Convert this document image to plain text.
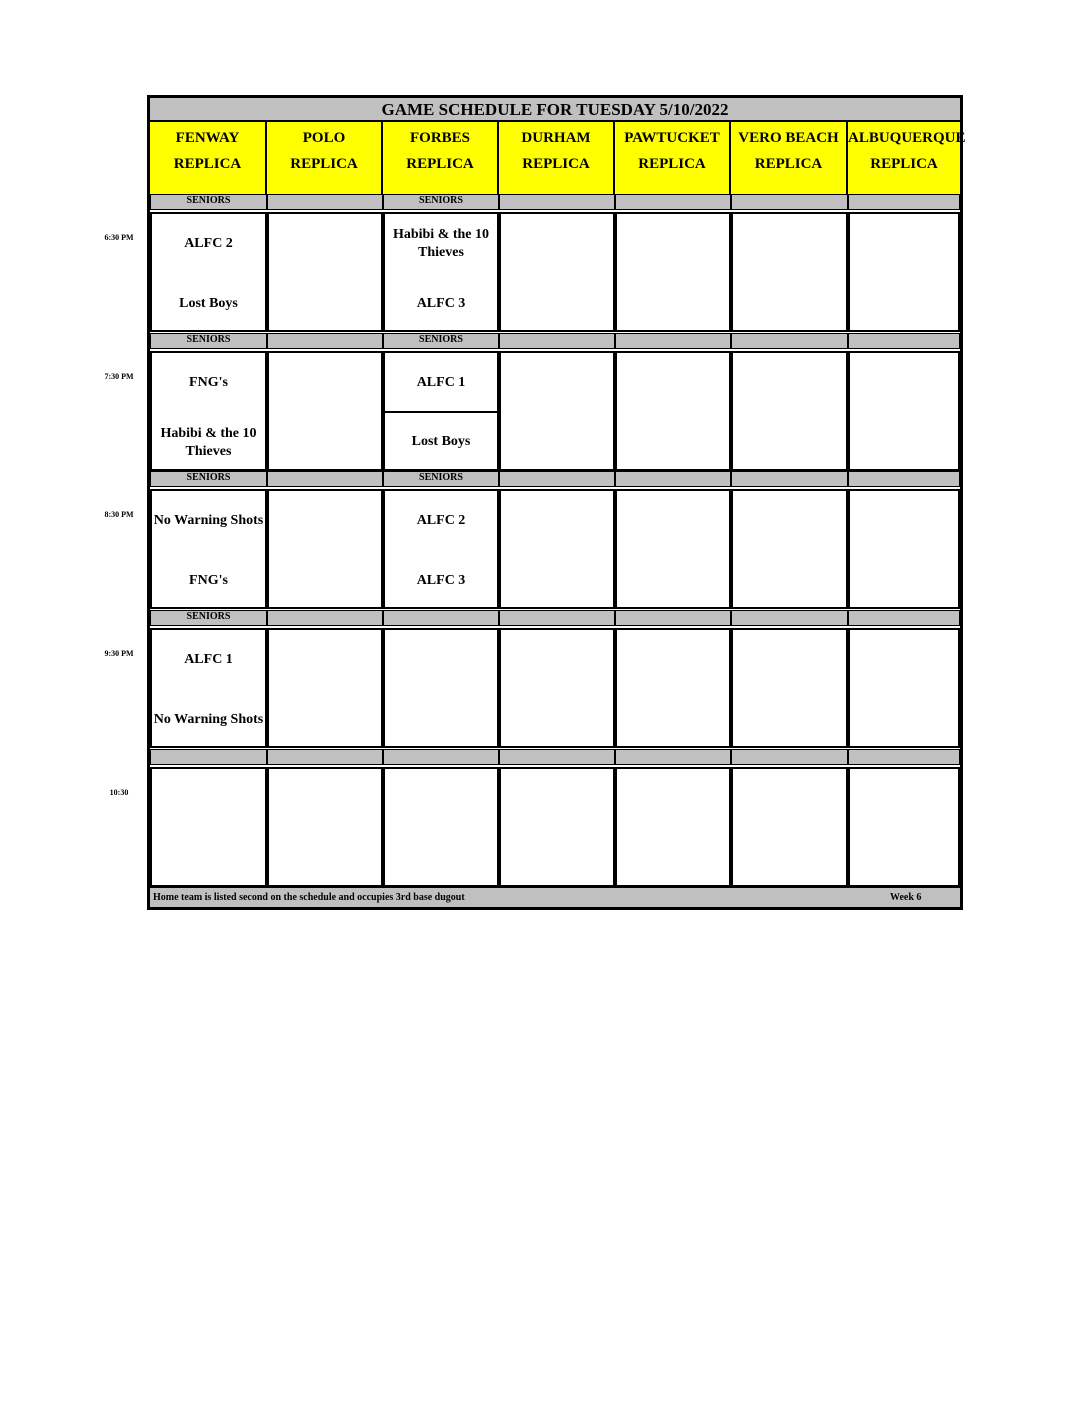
GAME SCHEDULE FOR TUESDAY 5/10/2022
FENWAY
REPLICA
POLO
REPLICA
FORBES
REPLICA
DURHAM
REPLICA
PAWTUCKET
REPLICA
VERO BEACH
REPLICA
ALBUQUERQUE
REPLICA
SENIORS
ALFC 2
Lost Boys
SENIORS
Habibi & the 10 Thieves
ALFC 3
SENIORS
FNG's
Habibi & the 10 Thieves
SENIORS
ALFC 1
Lost Boys
SENIORS
No Warning Shots
FNG's
SENIORS
ALFC 2
ALFC 3
SENIORS
ALFC 1
No Warning Shots
Home team is listed second on the schedule and occupies 3rd base dugout	Week 6
6:30 PM
7:30 PM
8:30 PM
9:30 PM
10:30
